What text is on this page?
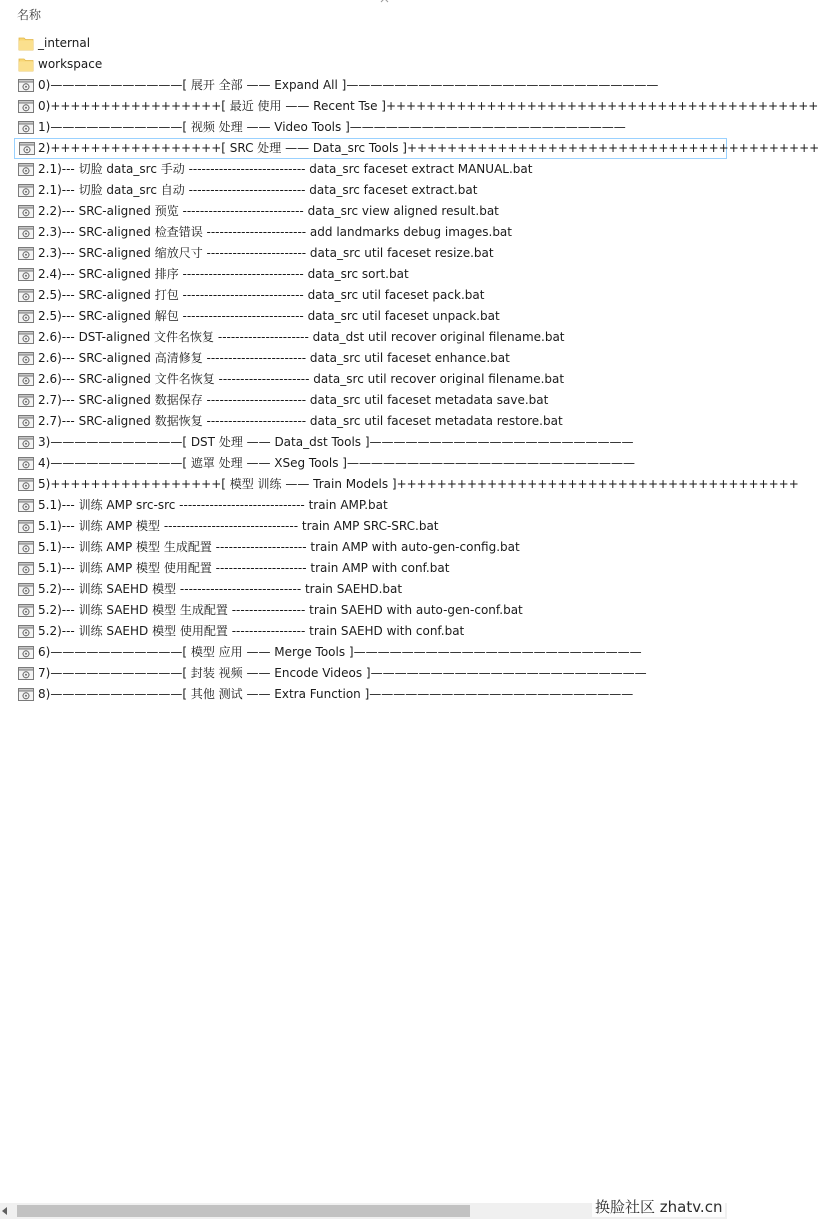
名称
_internal
workspace
0)———————————[ 展开 全部 —— Expand All ]——————————————————————————
0)+++++++++++++++++[ 最近 使用 —— Recent Tse ]+++++++++++++++++++++++++++++++++++++++++++
1)———————————[ 视频 处理 —— Video Tools ]———————————————————————
2)+++++++++++++++++[ SRC 处理 —— Data_src Tools ]+++++++++++++++++++++++++++++++++++++++++
2.1)--- 切脸 data_src 手动 --------------------------- data_src faceset extract MANUAL.bat
2.1)--- 切脸 data_src 自动 --------------------------- data_src faceset extract.bat
2.2)--- SRC-aligned 预览 ---------------------------- data_src view aligned result.bat
2.3)--- SRC-aligned 检查错误 ----------------------- add landmarks debug images.bat
2.3)--- SRC-aligned 缩放尺寸 ----------------------- data_src util faceset resize.bat
2.4)--- SRC-aligned 排序 ---------------------------- data_src sort.bat
2.5)--- SRC-aligned 打包 ---------------------------- data_src util faceset pack.bat
2.5)--- SRC-aligned 解包 ---------------------------- data_src util faceset unpack.bat
2.6)--- DST-aligned 文件名恢复 --------------------- data_dst util recover original filename.bat
2.6)--- SRC-aligned 高清修复 ----------------------- data_src util faceset enhance.bat
2.6)--- SRC-aligned 文件名恢复 --------------------- data_src util recover original filename.bat
2.7)--- SRC-aligned 数据保存 ----------------------- data_src util faceset metadata save.bat
2.7)--- SRC-aligned 数据恢复 ----------------------- data_src util faceset metadata restore.bat
3)———————————[ DST 处理 —— Data_dst Tools ]——————————————————————
4)———————————[ 遮罩 处理 —— XSeg Tools ]————————————————————————
5)+++++++++++++++++[ 模型 训练 —— Train Models ]++++++++++++++++++++++++++++++++++++++++
5.1)--- 训练 AMP src-src ----------------------------- train AMP.bat
5.1)--- 训练 AMP 模型 ------------------------------- train AMP SRC-SRC.bat
5.1)--- 训练 AMP 模型 生成配置 --------------------- train AMP with auto-gen-config.bat
5.1)--- 训练 AMP 模型 使用配置 --------------------- train AMP with conf.bat
5.2)--- 训练 SAEHD 模型 ---------------------------- train SAEHD.bat
5.2)--- 训练 SAEHD 模型 生成配置 ----------------- train SAEHD with auto-gen-conf.bat
5.2)--- 训练 SAEHD 模型 使用配置 ----------------- train SAEHD with conf.bat
6)———————————[ 模型 应用 —— Merge Tools ]————————————————————————
7)———————————[ 封装 视频 —— Encode Videos ]———————————————————————
8)———————————[ 其他 测试 —— Extra Function ]——————————————————————
换脸社区 zhatv.cn
